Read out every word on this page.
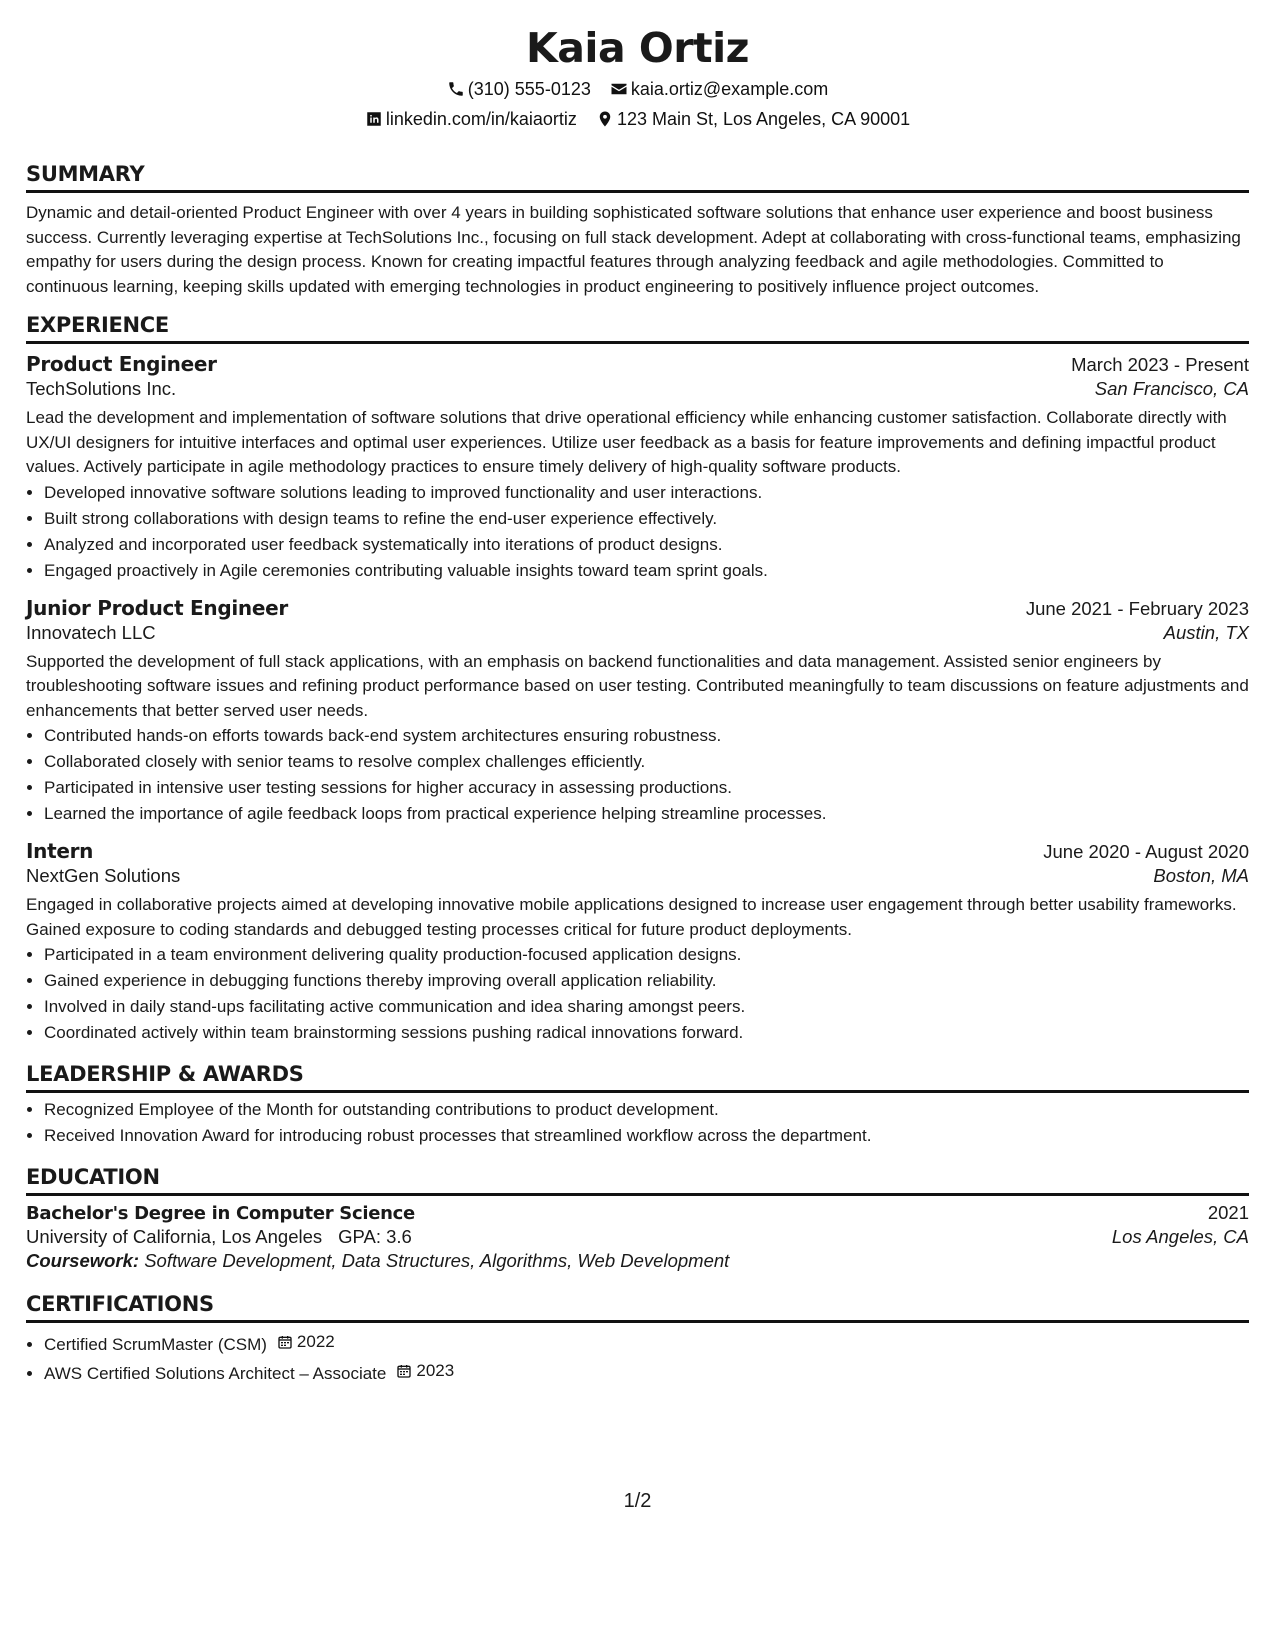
Kaia Ortiz
(310) 555-0123
kaia.ortiz@example.com
linkedin.com/in/kaiaortiz
123 Main St, Los Angeles, CA 90001
SUMMARY

Dynamic and detail-oriented Product Engineer with over 4 years in building sophisticated software solutions that enhance user experience and boost business success. Currently leveraging expertise at TechSolutions Inc., focusing on full stack development. Adept at collaborating with cross-functional teams, emphasizing empathy for users during the design process. Known for creating impactful features through analyzing feedback and agile methodologies. Committed to continuous learning, keeping skills updated with emerging technologies in product engineering to positively influence project outcomes.

EXPERIENCE
Product Engineer	March 2023 - Present
TechSolutions Inc.	San Francisco, CA

Lead the development and implementation of software solutions that drive operational efficiency while enhancing customer satisfaction. Collaborate directly with UX/UI designers for intuitive interfaces and optimal user experiences. Utilize user feedback as a basis for feature improvements and defining impactful product values. Actively participate in agile methodology practices to ensure timely delivery of high-quality software products.

• Developed innovative software solutions leading to improved functionality and user interactions.
• Built strong collaborations with design teams to refine the end-user experience effectively.
• Analyzed and incorporated user feedback systematically into iterations of product designs.
• Engaged proactively in Agile ceremonies contributing valuable insights toward team sprint goals.
Junior Product Engineer	June 2021 - February 2023
Innovatech LLC	Austin, TX

Supported the development of full stack applications, with an emphasis on backend functionalities and data management. Assisted senior engineers by troubleshooting software issues and refining product performance based on user testing. Contributed meaningfully to team discussions on feature adjustments and enhancements that better served user needs.

• Contributed hands-on efforts towards back-end system architectures ensuring robustness.
• Collaborated closely with senior teams to resolve complex challenges efficiently.
• Participated in intensive user testing sessions for higher accuracy in assessing productions.
• Learned the importance of agile feedback loops from practical experience helping streamline processes.
Intern	June 2020 - August 2020
NextGen Solutions	Boston, MA

Engaged in collaborative projects aimed at developing innovative mobile applications designed to increase user engagement through better usability frameworks. Gained exposure to coding standards and debugged testing processes critical for future product deployments.

• Participated in a team environment delivering quality production-focused application designs.
• Gained experience in debugging functions thereby improving overall application reliability.
• Involved in daily stand-ups facilitating active communication and idea sharing amongst peers.
• Coordinated actively within team brainstorming sessions pushing radical innovations forward.
LEADERSHIP & AWARDS
• Recognized Employee of the Month for outstanding contributions to product development.
• Received Innovation Award for introducing robust processes that streamlined workflow across the department.
EDUCATION
Bachelor's Degree in Computer Science	2021
University of California, Los Angeles GPA: 3.6	Los Angeles, CA
Coursework: Software Development, Data Structures, Algorithms, Web Development
CERTIFICATIONS
• Certified ScrumMaster (CSM) 2022
• AWS Certified Solutions Architect – Associate 2023
1/2
